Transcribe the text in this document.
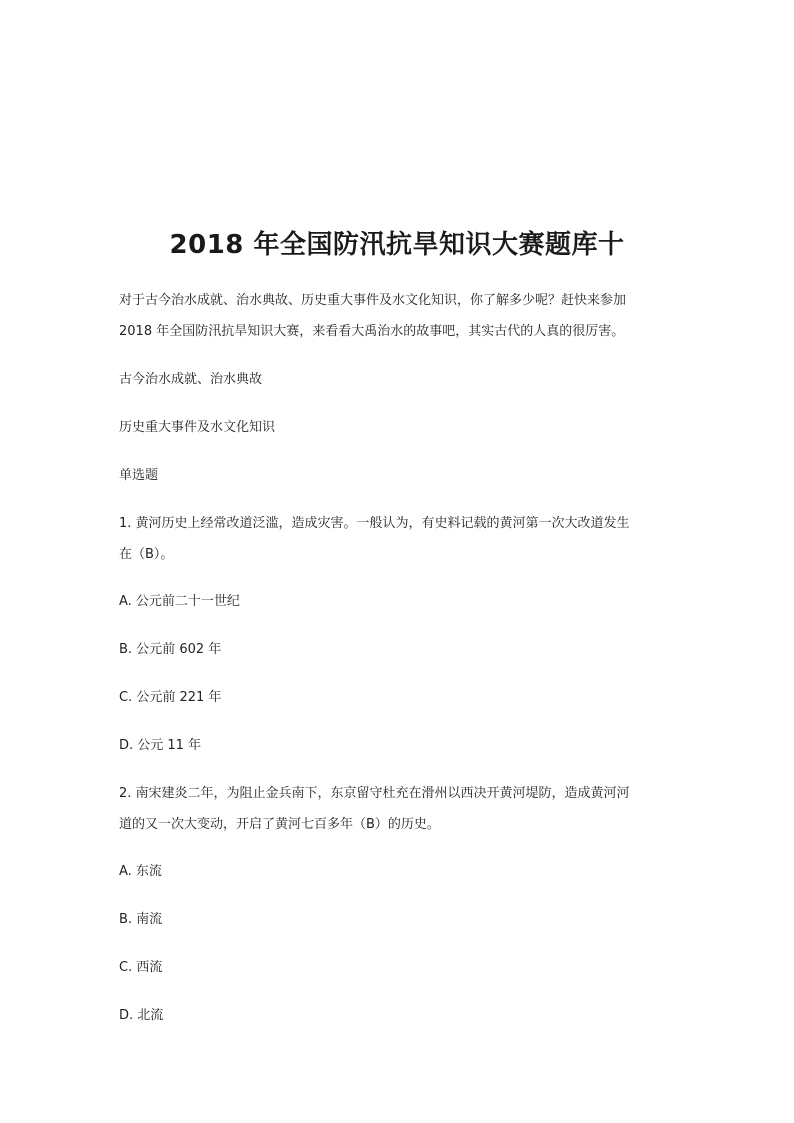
2018 年全国防汛抗旱知识大赛题库十

对于古今治水成就、治水典故、历史重大事件及水文化知识，你了解多少呢？赶快来参加
2018 年全国防汛抗旱知识大赛，来看看大禹治水的故事吧，其实古代的人真的很厉害。

古今治水成就、治水典故

历史重大事件及水文化知识

单选题

1. 黄河历史上经常改道泛滥，造成灾害。一般认为，有史料记载的黄河第一次大改道发生
在（B）。

A. 公元前二十一世纪

B. 公元前 602 年

C. 公元前 221 年

D. 公元 11 年

2. 南宋建炎二年，为阻止金兵南下，东京留守杜充在滑州以西决开黄河堤防，造成黄河河
道的又一次大变动，开启了黄河七百多年（B）的历史。

A. 东流

B. 南流

C. 西流

D. 北流
